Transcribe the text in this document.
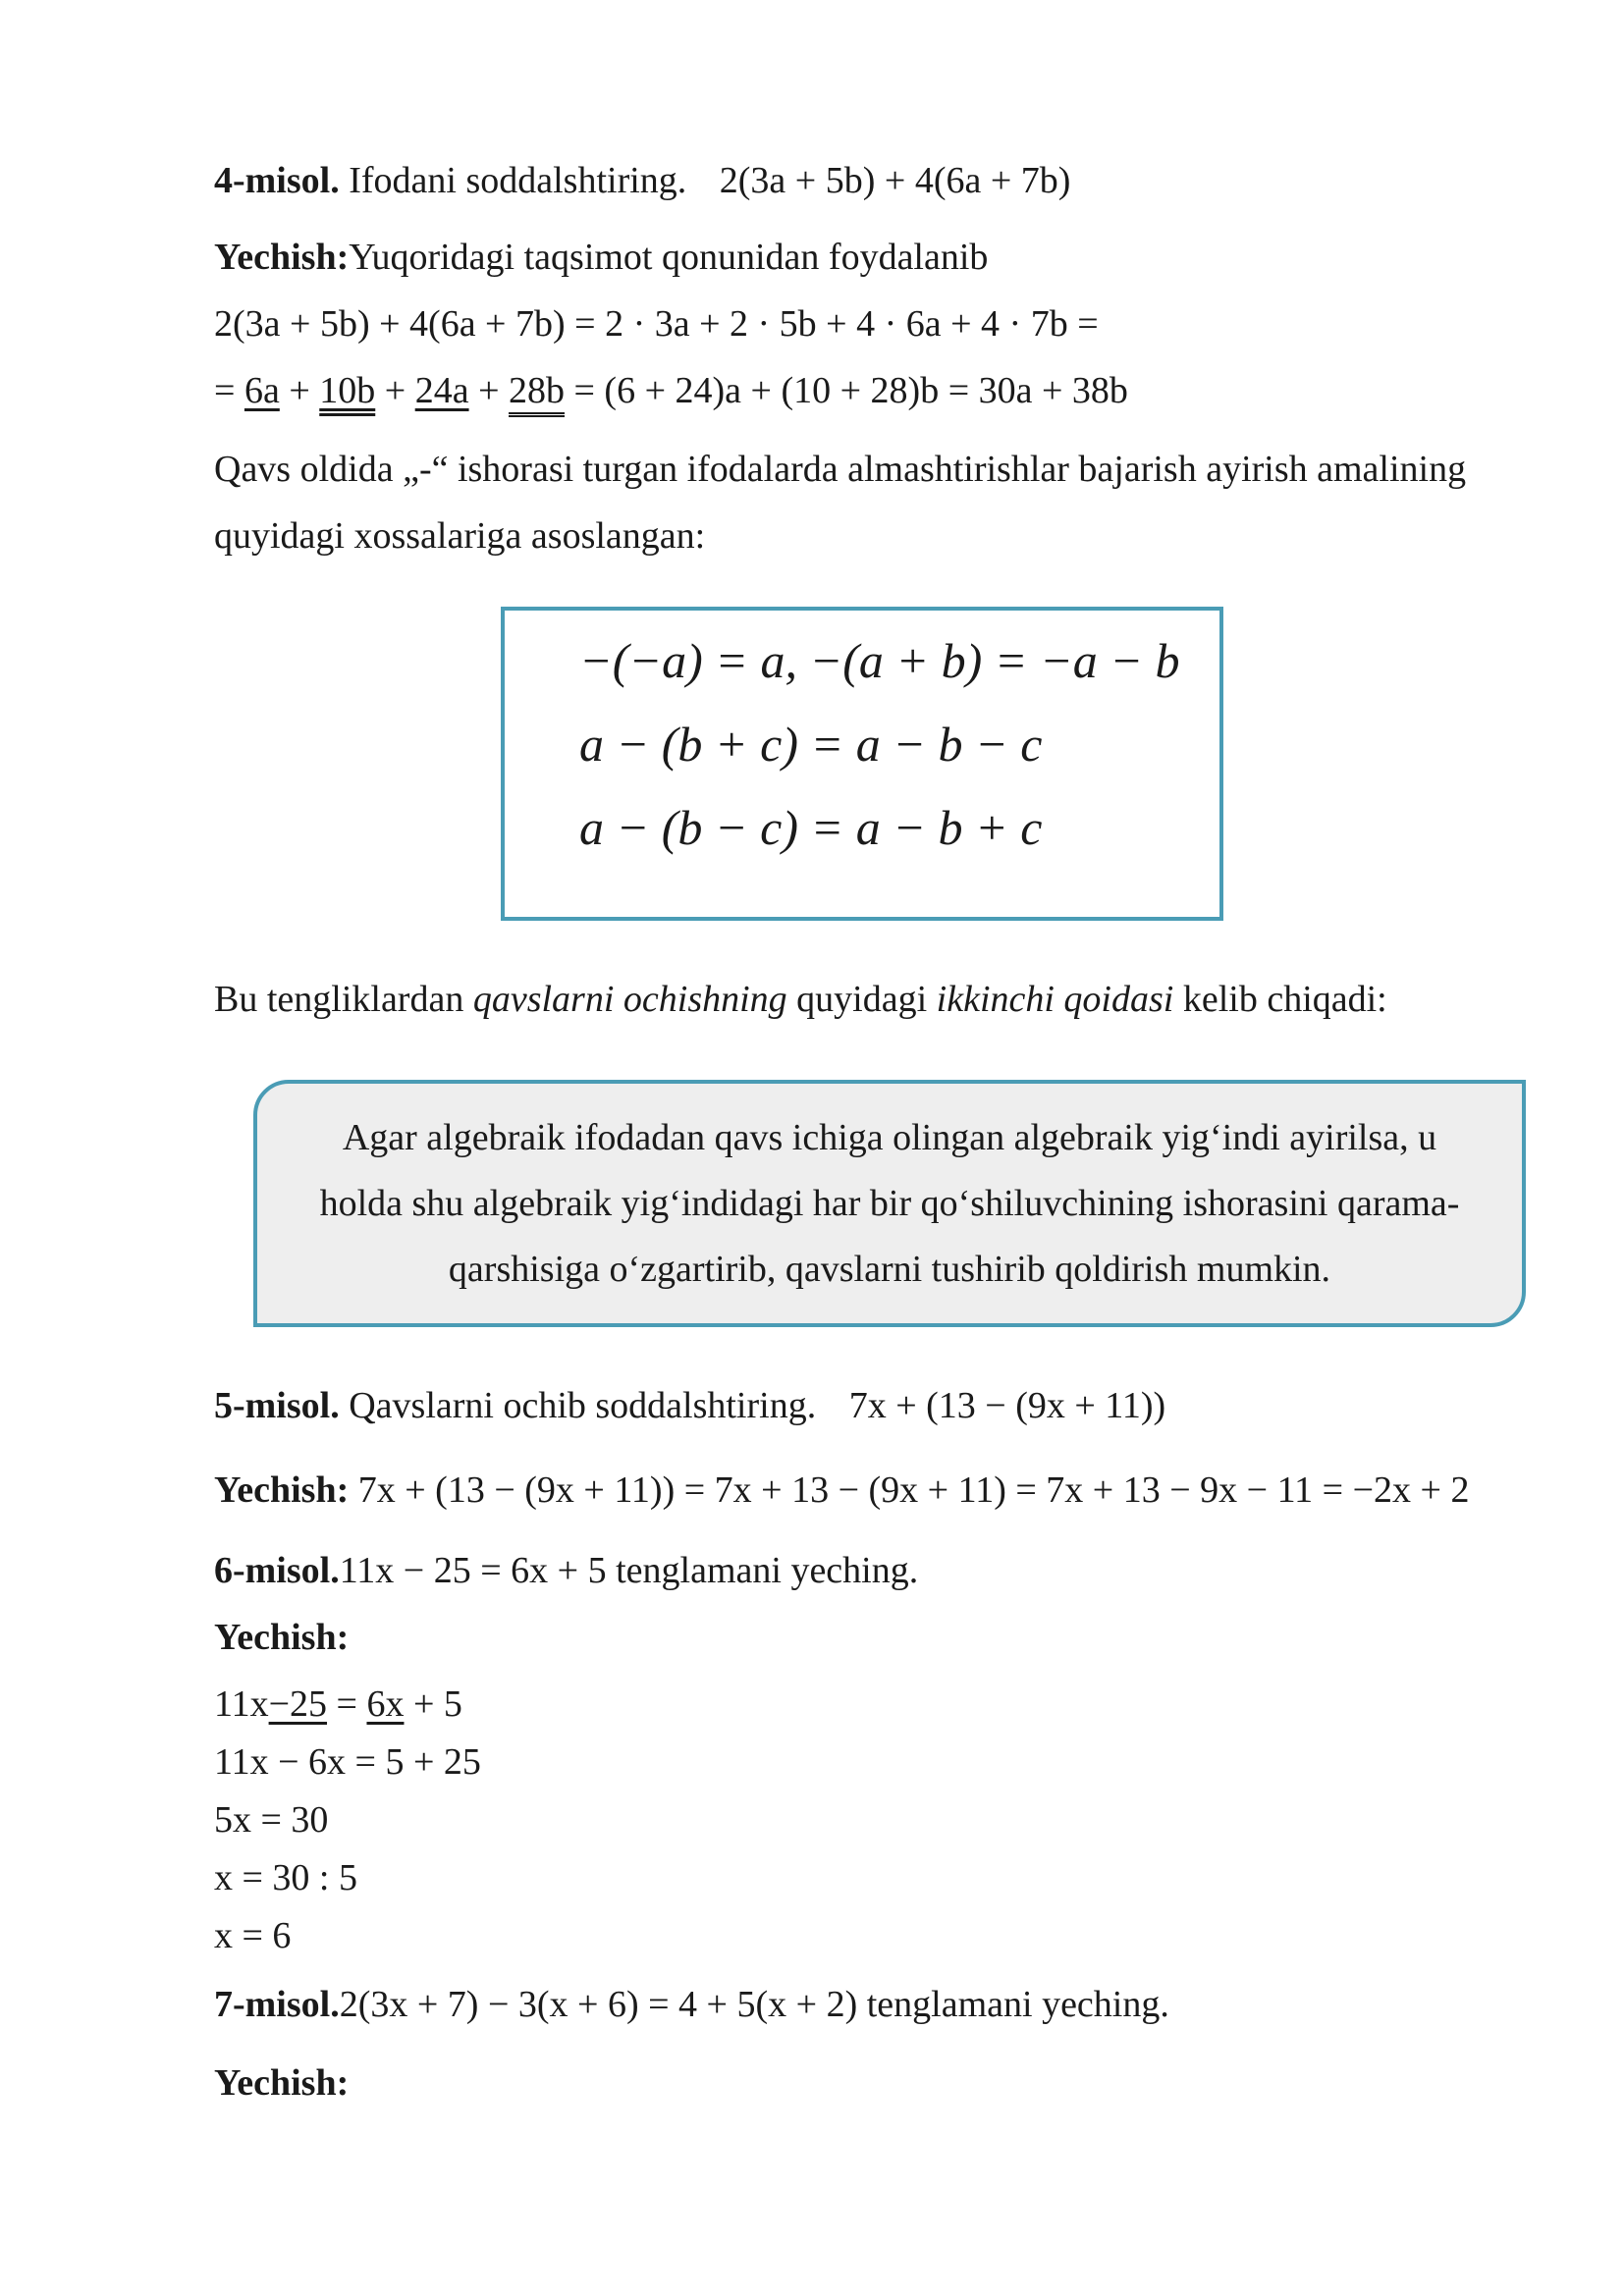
4-misol. Ifodani soddalshtiring. 2(3a + 5b) + 4(6a + 7b)
Yechish:Yuqoridagi taqsimot qonunidan foydalanib
2(3a + 5b) + 4(6a + 7b) = 2 · 3a + 2 · 5b + 4 · 6a + 4 · 7b =
= 6a + 10b + 24a + 28b = (6 + 24)a + (10 + 28)b = 30a + 38b
Qavs oldida „-“ ishorasi turgan ifodalarda almashtirishlar bajarish ayirish amalining
quyidagi xossalariga asoslangan:
−(−a) = a, −(a + b) = −a − b
a − (b + c) = a − b − c
a − (b − c) = a − b + c
Bu tengliklardan qavslarni ochishning quyidagi ikkinchi qoidasi kelib chiqadi:
Agar algebraik ifodadan qavs ichiga olingan algebraik yig‘indi ayirilsa, u
holda shu algebraik yig‘indidagi har bir qo‘shiluvchining ishorasini qarama-
qarshisiga o‘zgartirib, qavslarni tushirib qoldirish mumkin.
5-misol. Qavslarni ochib soddalshtiring. 7x + (13 − (9x + 11))
Yechish: 7x + (13 − (9x + 11)) = 7x + 13 − (9x + 11) = 7x + 13 − 9x − 11 = −2x + 2
6-misol.11x − 25 = 6x + 5 tenglamani yeching.
Yechish:
11x−25 = 6x + 5
11x − 6x = 5 + 25
5x = 30
x = 30 : 5
x = 6
7-misol.2(3x + 7) − 3(x + 6) = 4 + 5(x + 2) tenglamani yeching.
Yechish:
